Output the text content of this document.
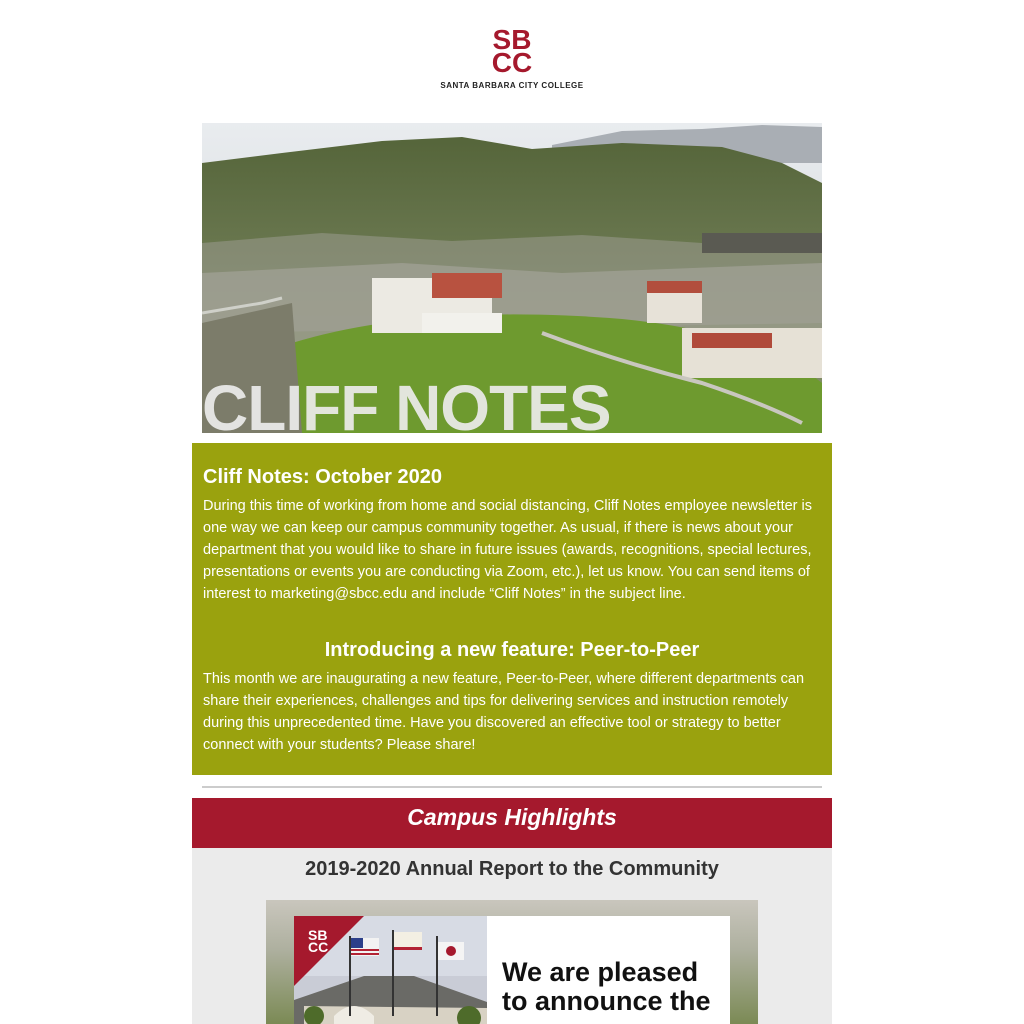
SB
CC
SANTA BARBARA CITY COLLEGE
CLIFF NOTES
Cliff Notes: October 2020

During this time of working from home and social distancing, Cliff Notes employee newsletter is one way we can keep our campus community together. As usual, if there is news about your department that you would like to share in future issues (awards, recognitions, special lectures, presentations or events you are conducting via Zoom, etc.), let us know. You can send items of interest to marketing@sbcc.edu and include “Cliff Notes” in the subject line.

Introducing a new feature: Peer-to-Peer

This month we are inaugurating a new feature, Peer-to-Peer, where different departments can share their experiences, challenges and tips for delivering services and instruction remotely during this unprecedented time. Have you discovered an effective tool or strategy to better connect with your students? Please share!

Campus Highlights
2019-2020 Annual Report to the Community
SB
CC
We are pleased
to announce the
